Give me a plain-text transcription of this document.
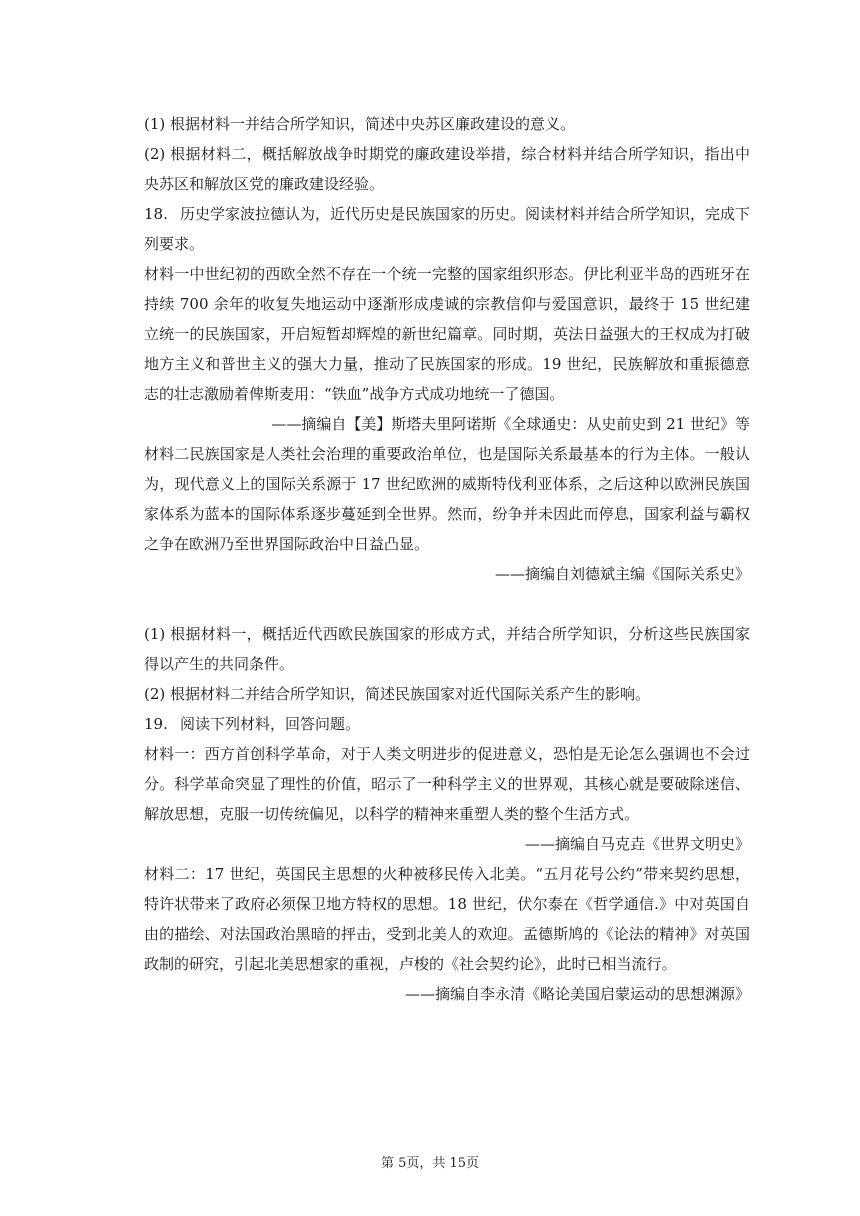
(1) 根据材料一并结合所学知识，简述中央苏区廉政建设的意义。

(2) 根据材料二，概括解放战争时期党的廉政建设举措，综合材料并结合所学知识，指出中央苏区和解放区党的廉政建设经验。

18. 历史学家波拉德认为，近代历史是民族国家的历史。阅读材料并结合所学知识，完成下列要求。

材料一中世纪初的西欧全然不存在一个统一完整的国家组织形态。伊比利亚半岛的西班牙在持续 700 余年的收复失地运动中逐渐形成虔诚的宗教信仰与爱国意识，最终于 15 世纪建立统一的民族国家，开启短暂却辉煌的新世纪篇章。同时期，英法日益强大的王权成为打破地方主义和普世主义的强大力量，推动了民族国家的形成。19 世纪，民族解放和重振德意志的壮志激励着俾斯麦用：“铁血”战争方式成功地统一了德国。

——摘编自【美】斯塔夫里阿诺斯《全球通史：从史前史到 21 世纪》等

材料二民族国家是人类社会治理的重要政治单位，也是国际关系最基本的行为主体。一般认为，现代意义上的国际关系源于 17 世纪欧洲的威斯特伐利亚体系，之后这种以欧洲民族国家体系为蓝本的国际体系逐步蔓延到全世界。然而，纷争并未因此而停息，国家利益与霸权之争在欧洲乃至世界国际政治中日益凸显。

——摘编自刘德斌主编《国际关系史》

(1) 根据材料一，概括近代西欧民族国家的形成方式，并结合所学知识，分析这些民族国家得以产生的共同条件。

(2) 根据材料二并结合所学知识，简述民族国家对近代国际关系产生的影响。

19. 阅读下列材料，回答问题。

材料一：西方首创科学革命，对于人类文明进步的促进意义，恐怕是无论怎么强调也不会过分。科学革命突显了理性的价值，昭示了一种科学主义的世界观，其核心就是要破除迷信、解放思想，克服一切传统偏见，以科学的精神来重塑人类的整个生活方式。

——摘编自马克垚《世界文明史》

材料二：17 世纪，英国民主思想的火种被移民传入北美。“五月花号公约”带来契约思想，特许状带来了政府必须保卫地方特权的思想。18 世纪，伏尔泰在《哲学通信.》中对英国自由的描绘、对法国政治黑暗的抨击，受到北美人的欢迎。孟德斯鸠的《论法的精神》对英国政制的研究，引起北美思想家的重视，卢梭的《社会契约论》，此时已相当流行。

——摘编自李永清《略论美国启蒙运动的思想渊源》

第 5页，共 15页
